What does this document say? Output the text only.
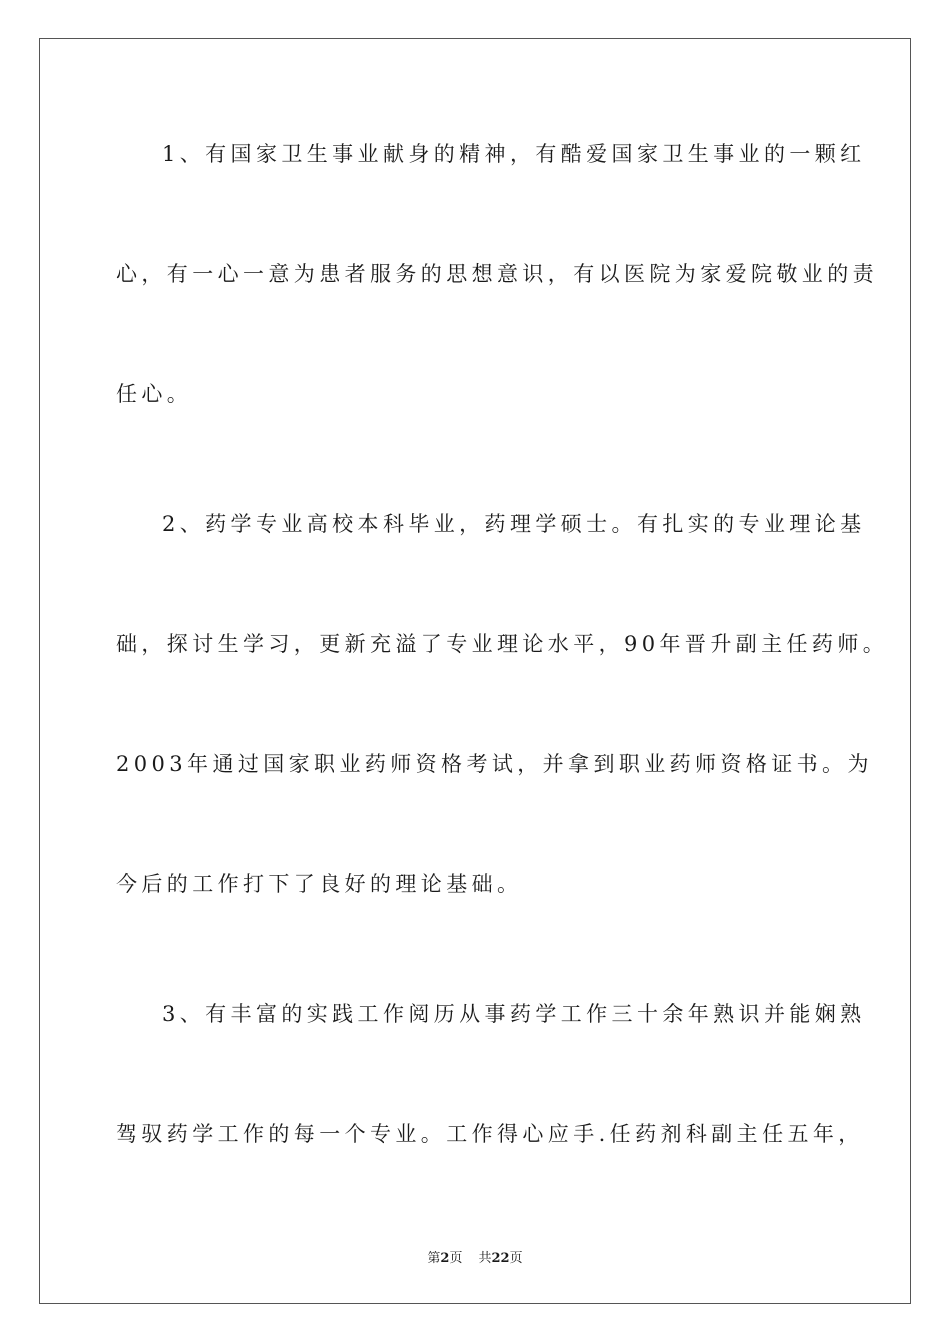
1、有国家卫生事业献身的精神，有酷爱国家卫生事业的一颗红
心，有一心一意为患者服务的思想意识，有以医院为家爱院敬业的责
任心。
2、药学专业高校本科毕业，药理学硕士。有扎实的专业理论基
础，探讨生学习，更新充溢了专业理论水平，90年晋升副主任药师。
2003年通过国家职业药师资格考试，并拿到职业药师资格证书。为
今后的工作打下了良好的理论基础。
3、有丰富的实践工作阅历从事药学工作三十余年熟识并能娴熟
驾驭药学工作的每一个专业。工作得心应手.任药剂科副主任五年，
第2页 共22页
